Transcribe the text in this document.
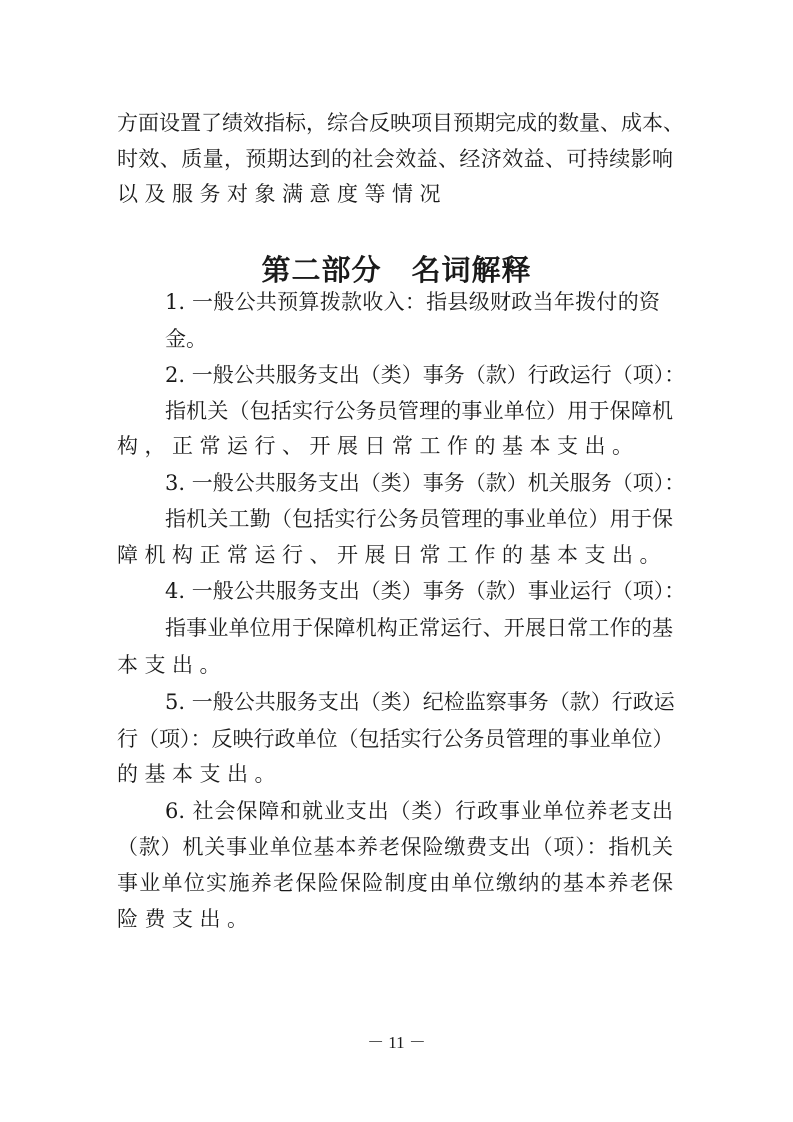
方面设置了绩效指标，综合反映项目预期完成的数量、成本、
时效、质量，预期达到的社会效益、经济效益、可持续影响
以及服务对象满意度等情况
第二部分　名词解释
1. 一般公共预算拨款收入：指县级财政当年拨付的资
金。
2. 一般公共服务支出（类）事务（款）行政运行（项）：
指机关（包括实行公务员管理的事业单位）用于保障机
构，正常运行、开展日常工作的基本支出。
3. 一般公共服务支出（类）事务（款）机关服务（项）：
指机关工勤（包括实行公务员管理的事业单位）用于保
障机构正常运行、开展日常工作的基本支出。
4. 一般公共服务支出（类）事务（款）事业运行（项）：
指事业单位用于保障机构正常运行、开展日常工作的基
本支出。
5. 一般公共服务支出（类）纪检监察事务（款）行政运
行（项）：反映行政单位（包括实行公务员管理的事业单位）
的基本支出。
6. 社会保障和就业支出（类）行政事业单位养老支出
（款）机关事业单位基本养老保险缴费支出（项）：指机关
事业单位实施养老保险保险制度由单位缴纳的基本养老保
险费支出。
－ 11 －
